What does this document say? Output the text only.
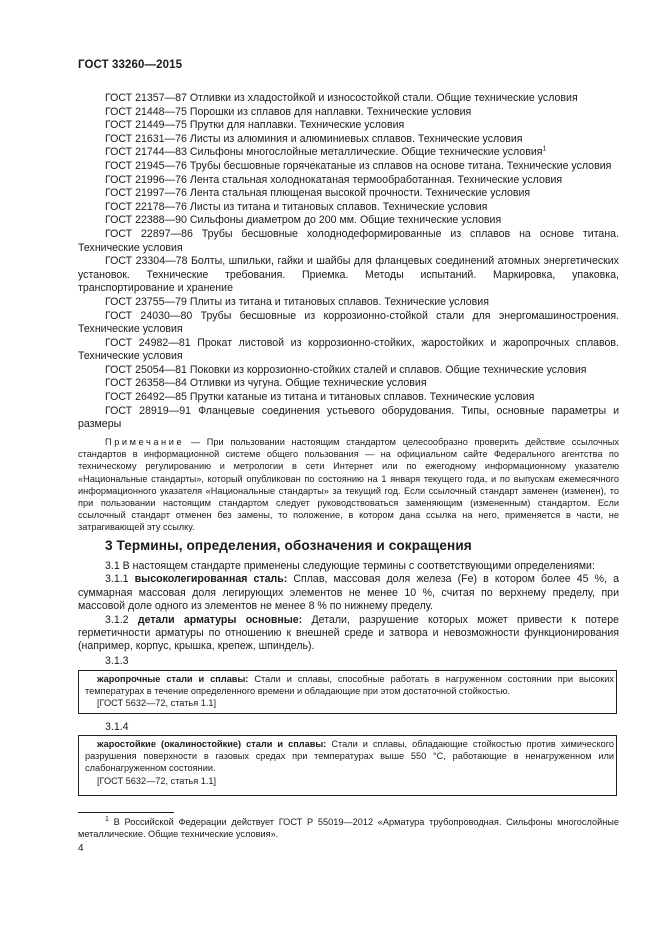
ГОСТ 33260—2015

ГОСТ 21357—87 Отливки из хладостойкой и износостойкой стали. Общие технические условия

ГОСТ 21448—75 Порошки из сплавов для наплавки. Технические условия

ГОСТ 21449—75 Прутки для наплавки. Технические условия

ГОСТ 21631—76 Листы из алюминия и алюминиевых сплавов. Технические условия

ГОСТ 21744—83 Сильфоны многослойные металлические. Общие технические условия$^1$

ГОСТ 21945—76 Трубы бесшовные горячекатаные из сплавов на основе титана. Технические условия

ГОСТ 21996—76 Лента стальная холоднокатаная термообработанная. Технические условия

ГОСТ 21997—76 Лента стальная плющеная высокой прочности. Технические условия

ГОСТ 22178—76 Листы из титана и титановых сплавов. Технические условия

ГОСТ 22388—90 Сильфоны диаметром до 200 мм. Общие технические условия

ГОСТ 22897—86 Трубы бесшовные холоднодеформированные из сплавов на основе титана. Технические условия

ГОСТ 23304—78 Болты, шпильки, гайки и шайбы для фланцевых соединений атомных энергетических установок. Технические требования. Приемка. Методы испытаний. Маркировка, упаковка, транспортирование и хранение

ГОСТ 23755—79 Плиты из титана и титановых сплавов. Технические условия

ГОСТ 24030—80 Трубы бесшовные из коррозионно-стойкой стали для энергомашиностроения. Технические условия

ГОСТ 24982—81 Прокат листовой из коррозионно-стойких, жаростойких и жаропрочных сплавов. Технические условия

ГОСТ 25054—81 Поковки из коррозионно-стойких сталей и сплавов. Общие технические условия

ГОСТ 26358—84 Отливки из чугуна. Общие технические условия

ГОСТ 26492—85 Прутки катаные из титана и титановых сплавов. Технические условия

ГОСТ 28919—91 Фланцевые соединения устьевого оборудования. Типы, основные параметры и размеры

Примечание — При пользовании настоящим стандартом целесообразно проверить действие ссылочных стандартов в информационной системе общего пользования — на официальном сайте Федерального агентства по техническому регулированию и метрологии в сети Интернет или по ежегодному информационному указателю «Национальные стандарты», который опубликован по состоянию на 1 января текущего года, и по выпускам ежемесячного информационного указателя «Национальные стандарты» за текущий год. Если ссылочный стандарт заменен (изменен), то при пользовании настоящим стандартом следует руководствоваться заменяющим (измененным) стандартом. Если ссылочный стандарт отменен без замены, то положение, в котором дана ссылка на него, применяется в части, не затрагивающей эту ссылку.
3 Термины, определения, обозначения и сокращения

3.1 В настоящем стандарте применены следующие термины с соответствующими определениями:

3.1.1 высоколегированная сталь: Сплав, массовая доля железа (Fe) в котором более 45 %, а суммарная массовая доля легирующих элементов не менее 10 %, считая по верхнему пределу, при массовой доле одного из элементов не менее 8 % по нижнему пределу.

3.1.2 детали арматуры основные: Детали, разрушение которых может привести к потере герметичности арматуры по отношению к внешней среде и затвора и невозможности функционирования (например, корпус, крышка, крепеж, шпиндель).

3.1.3

жаропрочные стали и сплавы: Стали и сплавы, способные работать в нагруженном состоянии при высоких температурах в течение определенного времени и обладающие при этом достаточной стойкостью.

[ГОСТ 5632—72, статья 1.1]

3.1.4

жаростойкие (окалиностойкие) стали и сплавы: Стали и сплавы, обладающие стойкостью против химического разрушения поверхности в газовых средах при температурах выше 550 °С, работающие в ненагруженном или слабонагруженном состоянии.

[ГОСТ 5632—72, статья 1.1]

$^1$ В Российской Федерации действует ГОСТ Р 55019—2012 «Арматура трубопроводная. Сильфоны многослойные металлические. Общие технические условия».
4
